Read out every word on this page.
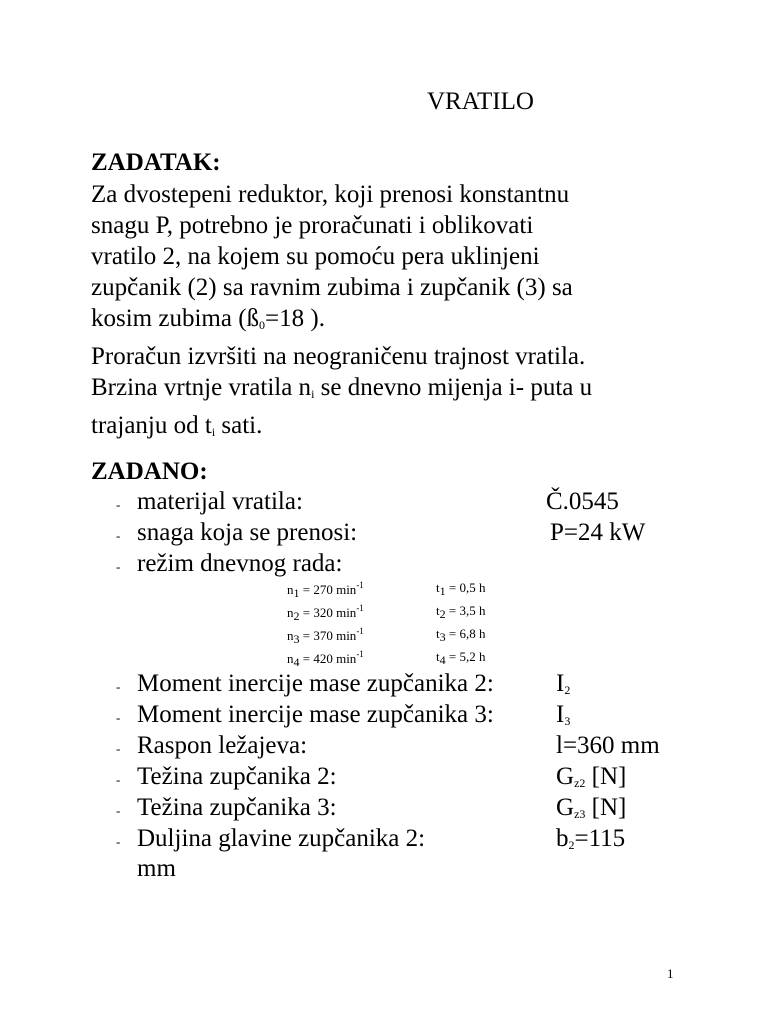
VRATILO
ZADATAK:
Za dvostepeni reduktor, koji prenosi konstantnu
snagu P, potrebno je proračunati i oblikovati
vratilo 2, na kojem su pomoću pera uklinjeni
zupčanik (2) sa ravnim zubima i zupčanik (3) sa
kosim zubima ($ß_0=18$ ).
Proračun izvršiti na neograničenu trajnost vratila.
Brzina vrtnje vratila $n_i$ se dnevno mijenja i- puta u
trajanju od $t_i$ sati.
ZADANO:
- materijal vratila:	Č.0545
- snaga koja se prenosi:	P=24 kW
- režim dnevnog rada:
$n_1 = 270$ $\min^{-1}$	$t_1 = 0,5$ h
$n_2 = 320$ $\min^{-1}$	$t_2 = 3,5$ h
$n_3 = 370$ $\min^{-1}$	$t_3 = 6,8$ h
$n_4 = 420$ $\min^{-1}$	$t_4 = 5,2$ h
- Moment inercije mase zupčanika 2: $I_2$
- Moment inercije mase zupčanika 3: $I_3$
- Raspon ležajeva:	l=360 mm
- Težina zupčanika 2:	$G_{z2}$ [N]
- Težina zupčanika 3:	$G_{z3}$ [N]
- Duljina glavine zupčanika 2:	$b_2=115$
mm
1
